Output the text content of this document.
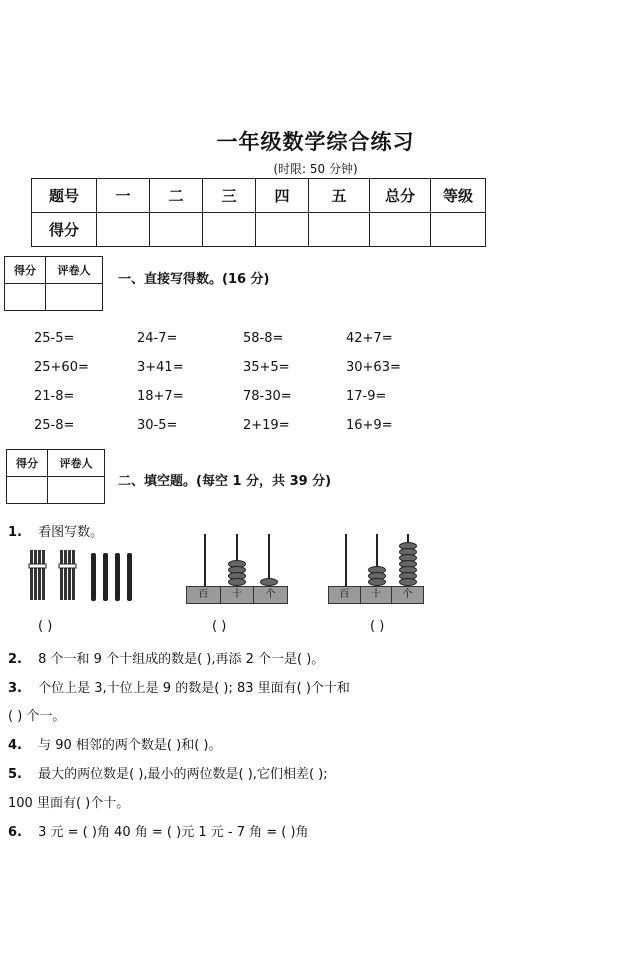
一年级数学综合练习
(时限: 50 分钟)
题号	一	二	三	四	五	总分	等级
得分							
得分	评卷人

一、直接写得数。(16 分)
25-5=	24-7=	58-8=	42+7=
25+60=	3+41=	35+5=	30+63=
21-8=	18+7=	78-30=	17-9=
25-8=	30-5=	2+19=	16+9=
得分	评卷人

二、填空题。(每空 1 分，共 39 分)
1. 看图写数。
百	十	个	百	十	个
( )	( )	( )
2. 8 个一和 9 个十组成的数是( ),再添 2 个一是( )。
3. 个位上是 3,十位上是 9 的数是( ); 83 里面有( )个十和
( ) 个一。
4. 与 90 相邻的两个数是( )和( )。
5. 最大的两位数是( ),最小的两位数是( ),它们相差( );
100 里面有( )个十。
6. 3 元 = ( )角 40 角 = ( )元 1 元 - 7 角 = ( )角
